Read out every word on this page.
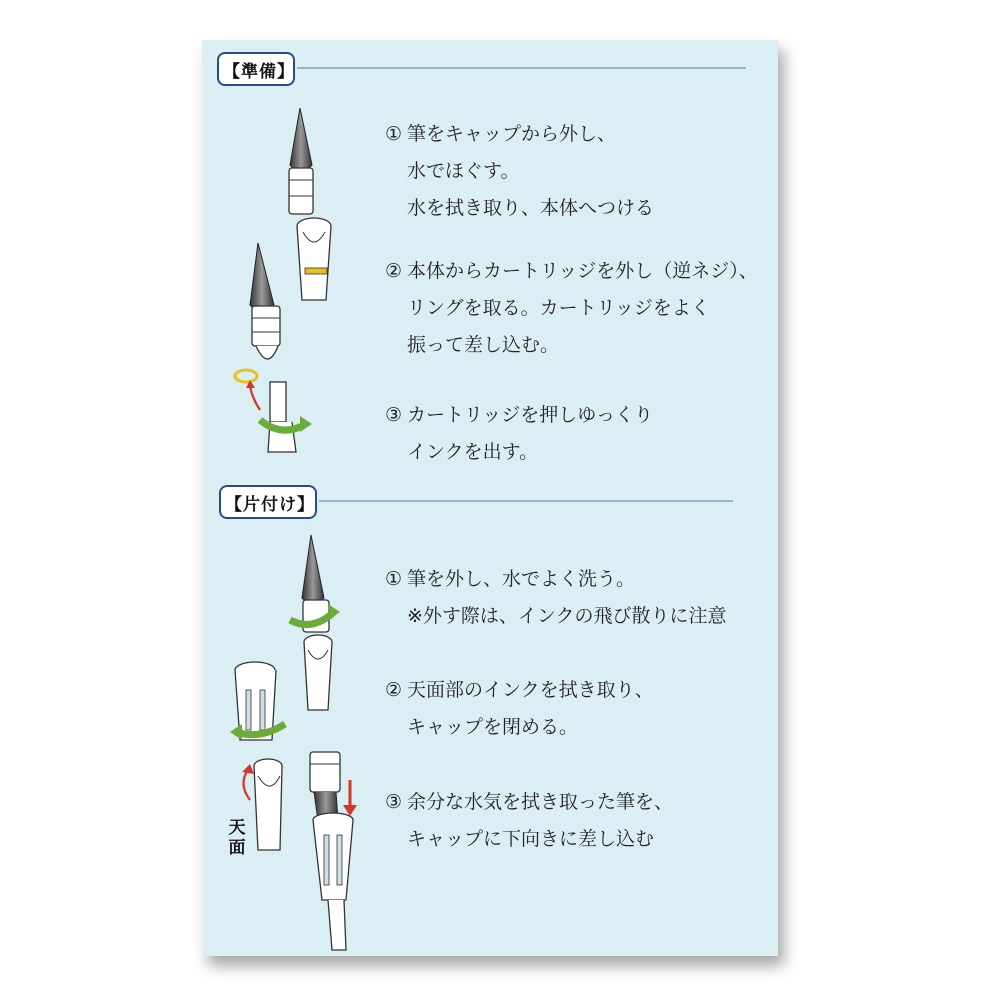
【準備】
① 筆をキャップから外し、
水でほぐす。
水を拭き取り、本体へつける
② 本体からカートリッジを外し（逆ネジ）、
リングを取る。カートリッジをよく
振って差し込む。
③ カートリッジを押しゆっくり
インクを出す。
【片付け】
① 筆を外し、水でよく洗う。
※外す際は、インクの飛び散りに注意
② 天面部のインクを拭き取り、
キャップを閉める。
③ 余分な水気を拭き取った筆を、
キャップに下向きに差し込む
天面
